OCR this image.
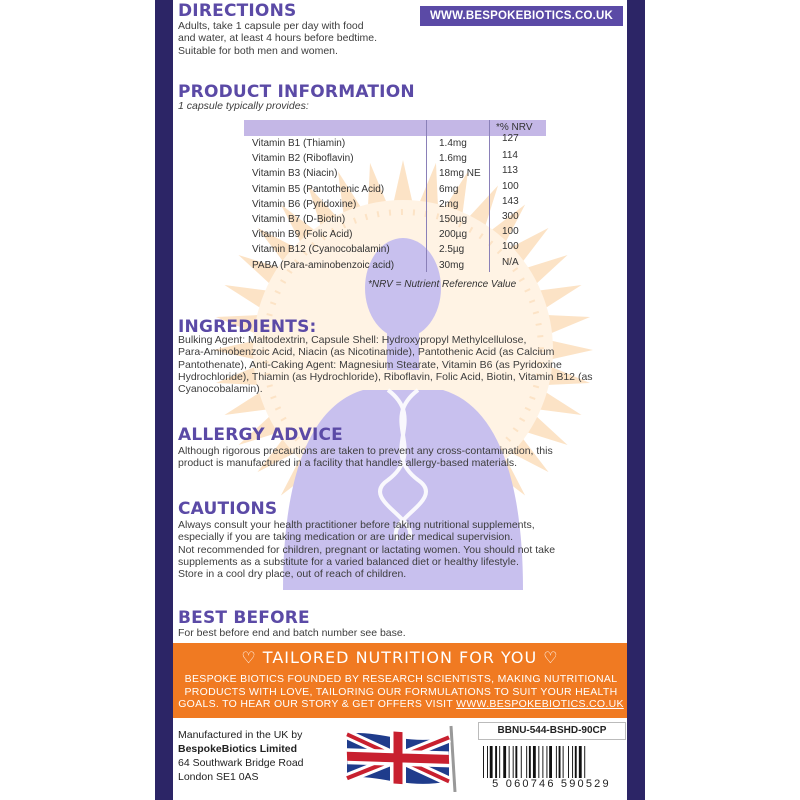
WWW.BESPOKEBIOTICS.CO.UK
DIRECTIONS
Adults, take 1 capsule per day with food
and water, at least 4 hours before bedtime.
Suitable for both men and women.
PRODUCT INFORMATION
1 capsule typically provides:
*% NRV
Vitamin B1 (Thiamin)	1.4mg	127
Vitamin B2 (Riboflavin)	1.6mg	114
Vitamin B3 (Niacin)	18mg NE 113
Vitamin B5 (Pantothenic Acid)	6mg	100
Vitamin B6 (Pyridoxine)	2mg	143
Vitamin B7 (D-Biotin)	150µg	300
Vitamin B9 (Folic Acid)	200µg	100
Vitamin B12 (Cyanocobalamin)	2.5µg	100
PABA (Para-aminobenzoic acid)	30mg	N/A
*NRV = Nutrient Reference Value
INGREDIENTS:
Bulking Agent: Maltodextrin, Capsule Shell: Hydroxypropyl Methylcellulose,
Para-Aminobenzoic Acid, Niacin (as Nicotinamide), Pantothenic Acid (as Calcium
Pantothenate), Anti-Caking Agent: Magnesium Stearate, Vitamin B6 (as Pyridoxine
Hydrochloride), Thiamin (as Hydrochloride), Riboflavin, Folic Acid, Biotin, Vitamin B12 (as
Cyanocobalamin).
ALLERGY ADVICE
Although rigorous precautions are taken to prevent any cross-contamination, this
product is manufactured in a facility that handles allergy-based materials.
CAUTIONS
Always consult your health practitioner before taking nutritional supplements,
especially if you are taking medication or are under medical supervision.
Not recommended for children, pregnant or lactating women. You should not take
supplements as a substitute for a varied balanced diet or healthy lifestyle.
Store in a cool dry place, out of reach of children.
BEST BEFORE
For best before end and batch number see base.
♡ TAILORED NUTRITION FOR YOU ♡
BESPOKE BIOTICS FOUNDED BY RESEARCH SCIENTISTS, MAKING NUTRITIONAL
PRODUCTS WITH LOVE, TAILORING OUR FORMULATIONS TO SUIT YOUR HEALTH
GOALS. TO HEAR OUR STORY & GET OFFERS VISIT WWW.BESPOKEBIOTICS.CO.UK
Manufactured in the UK by
BespokeBiotics Limited
64 Southwark Bridge Road
London SE1 0AS
BBNU-544-BSHD-90CP
5 060746 590529
